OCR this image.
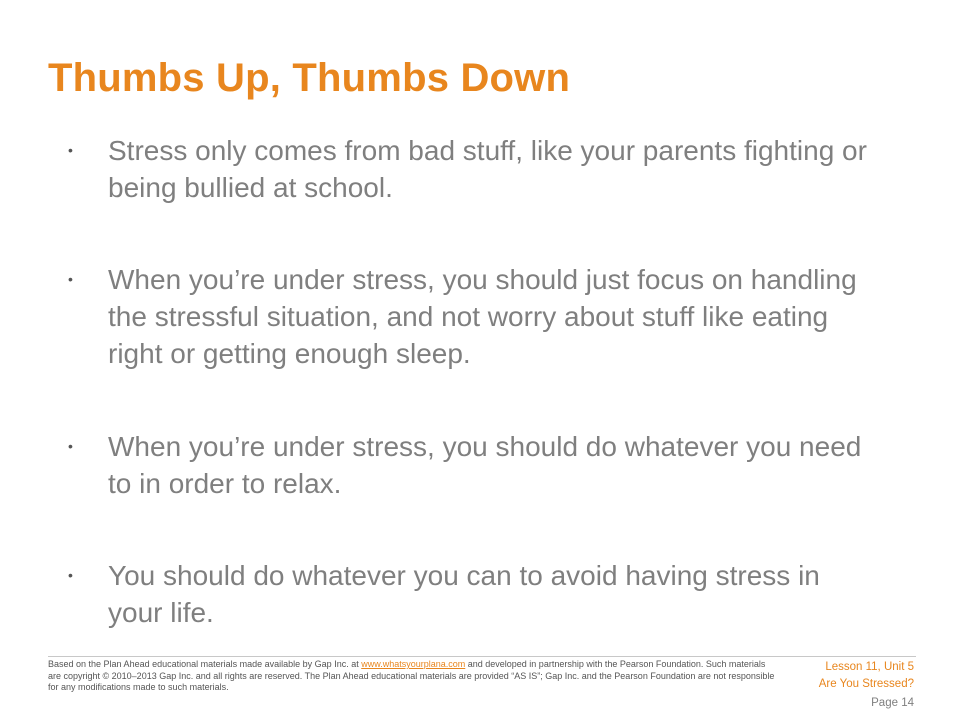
Thumbs Up, Thumbs Down
• Stress only comes from bad stuff, like your parents fighting or being bullied at school.
• When you’re under stress, you should just focus on handling the stressful situation, and not worry about stuff like eating right or getting enough sleep.
• When you’re under stress, you should do whatever you need to in order to relax.
• You should do whatever you can to avoid having stress in your life.
Based on the Plan Ahead educational materials made available by Gap Inc. at www.whatsyourplana.com and developed in partnership with the Pearson Foundation. Such materials are copyright © 2010–2013 Gap Inc. and all rights are reserved. The Plan Ahead educational materials are provided “AS IS”; Gap Inc. and the Pearson Foundation are not responsible for any modifications made to such materials.
Lesson 11, Unit 5
Are You Stressed?
Page 14
